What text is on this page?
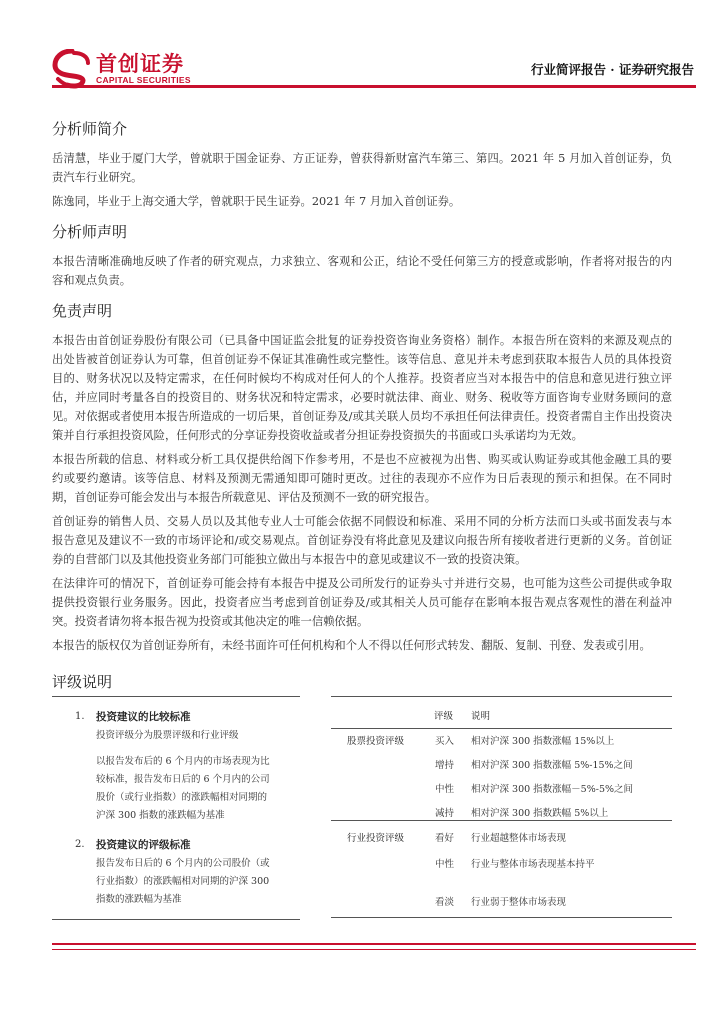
首创证券
CAPITAL SECURITIES
行业简评报告 · 证券研究报告
分析师简介

岳清慧，毕业于厦门大学，曾就职于国金证券、方正证券，曾获得新财富汽车第三、第四。2021 年 5 月加入首创证券，负责汽车行业研究。

陈逸同，毕业于上海交通大学，曾就职于民生证券。2021 年 7 月加入首创证券。

分析师声明

本报告清晰准确地反映了作者的研究观点，力求独立、客观和公正，结论不受任何第三方的授意或影响，作者将对报告的内容和观点负责。

免责声明

本报告由首创证券股份有限公司（已具备中国证监会批复的证券投资咨询业务资格）制作。本报告所在资料的来源及观点的出处皆被首创证券认为可靠，但首创证券不保证其准确性或完整性。该等信息、意见并未考虑到获取本报告人员的具体投资目的、财务状况以及特定需求，在任何时候均不构成对任何人的个人推荐。投资者应当对本报告中的信息和意见进行独立评估，并应同时考量各自的投资目的、财务状况和特定需求，必要时就法律、商业、财务、税收等方面咨询专业财务顾问的意见。对依据或者使用本报告所造成的一切后果，首创证券及/或其关联人员均不承担任何法律责任。投资者需自主作出投资决策并自行承担投资风险，任何形式的分享证券投资收益或者分担证券投资损失的书面或口头承诺均为无效。

本报告所载的信息、材料或分析工具仅提供给阁下作参考用，不是也不应被视为出售、购买或认购证券或其他金融工具的要约或要约邀请。该等信息、材料及预测无需通知即可随时更改。过往的表现亦不应作为日后表现的预示和担保。在不同时期，首创证券可能会发出与本报告所载意见、评估及预测不一致的研究报告。

首创证券的销售人员、交易人员以及其他专业人士可能会依据不同假设和标准、采用不同的分析方法而口头或书面发表与本报告意见及建议不一致的市场评论和/或交易观点。首创证券没有将此意见及建议向报告所有接收者进行更新的义务。首创证券的自营部门以及其他投资业务部门可能独立做出与本报告中的意见或建议不一致的投资决策。

在法律许可的情况下，首创证券可能会持有本报告中提及公司所发行的证券头寸并进行交易，也可能为这些公司提供或争取提供投资银行业务服务。因此，投资者应当考虑到首创证券及/或其相关人员可能存在影响本报告观点客观性的潜在利益冲突。投资者请勿将本报告视为投资或其他决定的唯一信赖依据。

本报告的版权仅为首创证券所有，未经书面许可任何机构和个人不得以任何形式转发、翻版、复制、刊登、发表或引用。

评级说明
1. 投资建议的比较标准
投资评级分为股票评级和行业评级
以报告发布后的 6 个月内的市场表现为比
较标准，报告发布日后的 6 个月内的公司
股价（或行业指数）的涨跌幅相对同期的
沪深 300 指数的涨跌幅为基准
2. 投资建议的评级标准
报告发布日后的 6 个月内的公司股价（或
行业指数）的涨跌幅相对同期的沪深 300
指数的涨跌幅为基准
评级 说明
股票投资评级
行业投资评级
买入 相对沪深 300 指数涨幅 15%以上
增持 相对沪深 300 指数涨幅 5%-15%之间
中性 相对沪深 300 指数涨幅－5%-5%之间
减持 相对沪深 300 指数跌幅 5%以上
看好 行业超越整体市场表现
中性 行业与整体市场表现基本持平
看淡 行业弱于整体市场表现
